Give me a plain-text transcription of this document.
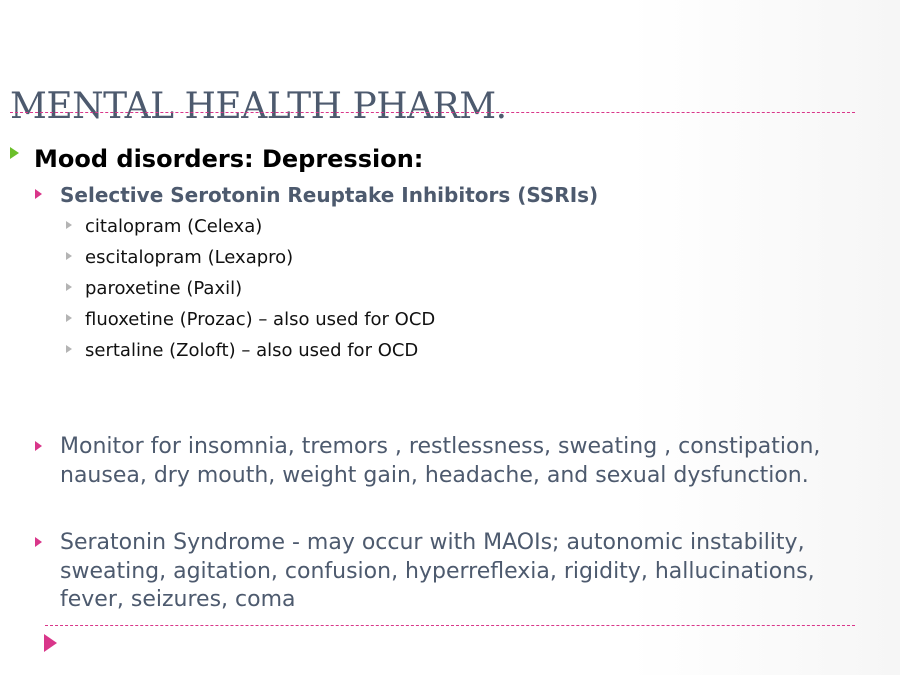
MENTAL HEALTH PHARM.
Mood disorders: Depression:
Selective Serotonin Reuptake Inhibitors (SSRIs)
citalopram (Celexa)
escitalopram (Lexapro)
paroxetine (Paxil)
fluoxetine (Prozac) – also used for OCD
sertaline (Zoloft) – also used for OCD
Monitor for insomnia, tremors , restlessness, sweating , constipation, nausea, dry mouth, weight gain, headache, and sexual dysfunction.
Seratonin Syndrome - may occur with MAOIs; autonomic instability, sweating, agitation, confusion, hyperreflexia, rigidity, hallucinations, fever, seizures, coma
